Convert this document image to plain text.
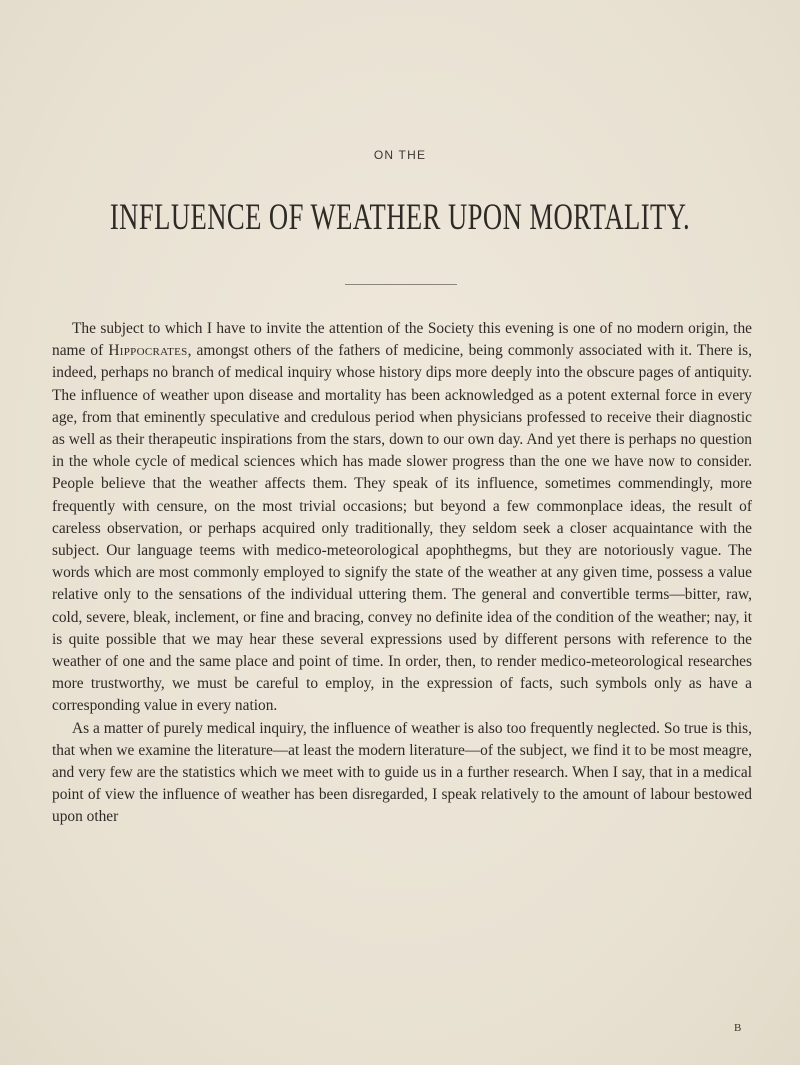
ON THE
INFLUENCE OF WEATHER UPON MORTALITY.

The subject to which I have to invite the attention of the Society this evening is one of no modern origin, the name of Hippocrates, amongst others of the fathers of medicine, being commonly associated with it. There is, indeed, perhaps no branch of medical inquiry whose history dips more deeply into the obscure pages of antiquity. The influence of weather upon disease and mortality has been acknowledged as a potent external force in every age, from that eminently speculative and credulous period when physicians professed to receive their diagnostic as well as their therapeutic inspirations from the stars, down to our own day. And yet there is perhaps no question in the whole cycle of medical sciences which has made slower progress than the one we have now to consider. People believe that the weather affects them. They speak of its influence, sometimes commendingly, more frequently with censure, on the most trivial occasions; but beyond a few commonplace ideas, the result of careless observation, or perhaps acquired only traditionally, they seldom seek a closer acquaintance with the subject. Our language teems with medico-meteorological apophthegms, but they are notoriously vague. The words which are most commonly employed to signify the state of the weather at any given time, possess a value relative only to the sensations of the individual uttering them. The general and convertible terms—bitter, raw, cold, severe, bleak, inclement, or fine and bracing, convey no definite idea of the condition of the weather; nay, it is quite possible that we may hear these several expressions used by different persons with reference to the weather of one and the same place and point of time. In order, then, to render medico-meteorological researches more trustworthy, we must be careful to employ, in the expression of facts, such symbols only as have a corresponding value in every nation.

As a matter of purely medical inquiry, the influence of weather is also too frequently neglected. So true is this, that when we examine the literature—at least the modern literature—of the subject, we find it to be most meagre, and very few are the statistics which we meet with to guide us in a further research. When I say, that in a medical point of view the influence of weather has been disregarded, I speak relatively to the amount of labour bestowed upon other

B
